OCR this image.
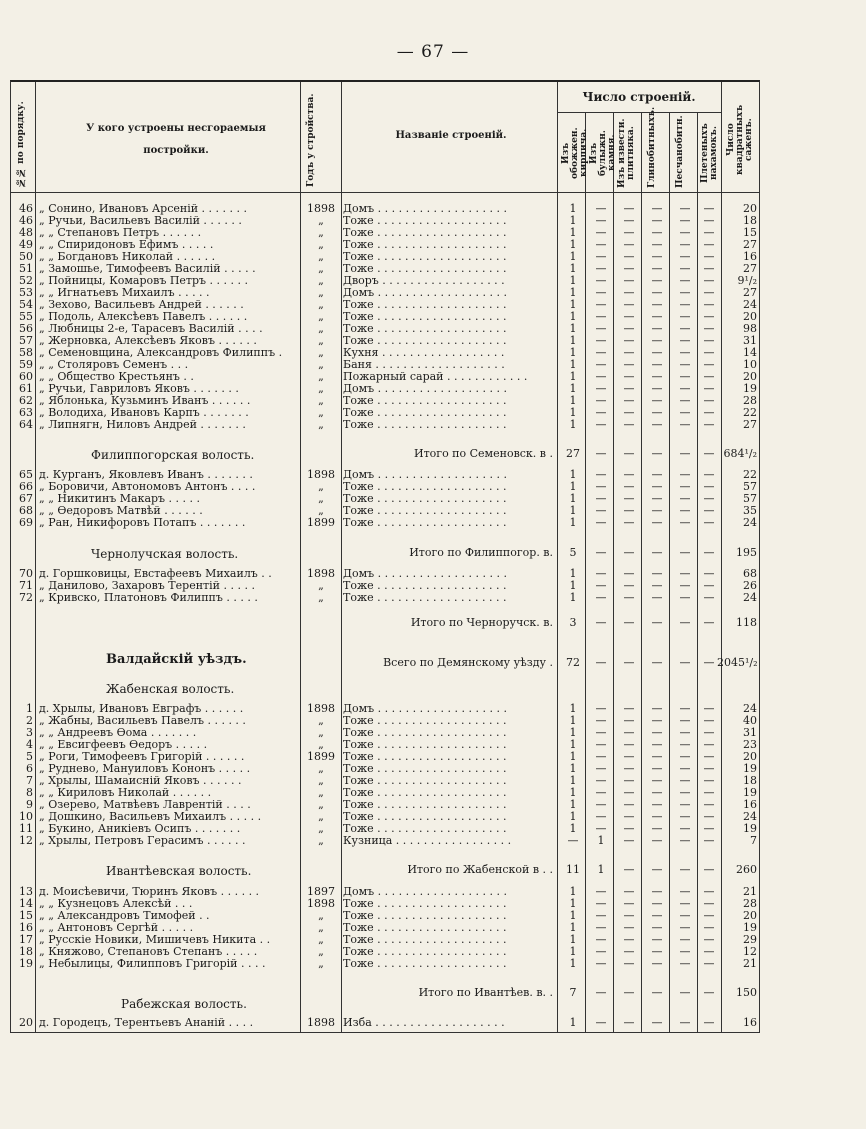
— 67 —
№№ по порядку.	У кого устроены несгораемыя постройки.	Годъ у стройства.	Названіе строеній.
Число строеній.
Изъ обожжен. кирпича. Изъ булыжн. камня. Изъ извести. плитняка. Глинобитныхъ. Песчанобитн. Плетеныхъ нахамокъ. Число квадратныхъ саженъ.
46 „ Сонино, Ивановъ Арсеній . . . . . . .	1898 Домъ . . . . . . . . . . . . . . . . . . .	1	—	—	—	—	—	20
46 „ Ручьи, Васильевъ Василій . . . . . .	„	Тоже . . . . . . . . . . . . . . . . . . .	1	—	—	—	—	—	18
48 „ „ Степановъ Петръ . . . . . .	„	Тоже . . . . . . . . . . . . . . . . . . .	1	—	—	—	—	—	15
49 „ „ Спиридоновъ Ефимъ . . . . .	„	Тоже . . . . . . . . . . . . . . . . . . .	1	—	—	—	—	—	27
50 „ „ Богдановъ Николай . . . . . .	„	Тоже . . . . . . . . . . . . . . . . . . .	1	—	—	—	—	—	16
51 „ Замошье, Тимофеевъ Василій . . . . .	„	Тоже . . . . . . . . . . . . . . . . . . .	1	—	—	—	—	—	27
52 „ Пойницы, Комаровъ Петръ . . . . . .	„	Дворъ . . . . . . . . . . . . . . . . . .	1	—	—	—	—	—	9¹/₂
53 „ „ Игнатьевъ Михаилъ . . . . .	„	Домъ . . . . . . . . . . . . . . . . . . .	1	—	—	—	—	—	27
54 „ Зехово, Васильевъ Андрей . . . . . .	„	Тоже . . . . . . . . . . . . . . . . . . .	1	—	—	—	—	—	24
55 „ Подоль, Алексѣевъ Павелъ . . . . . .	„	Тоже . . . . . . . . . . . . . . . . . . .	1	—	—	—	—	—	20
56 „ Любницы 2-е, Тарасевъ Василій . . . .	„	Тоже . . . . . . . . . . . . . . . . . . .	1	—	—	—	—	—	98
57 „ Жерновка, Алексѣевъ Яковъ . . . . . .	„	Тоже . . . . . . . . . . . . . . . . . . .	1	—	—	—	—	—	31
58 „ Семеновщина, Александровъ Филиппъ .	„	Кухня . . . . . . . . . . . . . . . . . .	1	—	—	—	—	—	14
59 „ „ Столяровъ Семенъ . . .	„	Баня . . . . . . . . . . . . . . . . . . .	1	—	—	—	—	—	10
60 „ „ Общество Крестьянъ . .	„	Пожарный сарай . . . . . . . . . . . .	1	—	—	—	—	—	20
61 „ Ручьи, Гавриловъ Яковъ . . . . . . .	„	Домъ . . . . . . . . . . . . . . . . . . .	1	—	—	—	—	—	19
62 „ Яблонька, Кузьминъ Иванъ . . . . . .	„	Тоже . . . . . . . . . . . . . . . . . . .	1	—	—	—	—	—	28
63 „ Володиха, Ивановъ Карпъ . . . . . . .	„	Тоже . . . . . . . . . . . . . . . . . . .	1	—	—	—	—	—	22
64 „ Липнягн, Ниловъ Андрей . . . . . . .	„	Тоже . . . . . . . . . . . . . . . . . . .	1	—	—	—	—	—	27
Итого по Семеновск. в .	27	—	—	—	—	— 684¹/₂
65 д. Курганъ, Яковлевъ Иванъ . . . . . . .	1898 Домъ . . . . . . . . . . . . . . . . . . .	1	—	—	—	—	—	22
66 „ Боровичи, Автономовъ Антонъ . . . .	„	Тоже . . . . . . . . . . . . . . . . . . .	1	—	—	—	—	—	57
67 „ „ Никитинъ Макаръ . . . . .	„	Тоже . . . . . . . . . . . . . . . . . . .	1	—	—	—	—	—	57
68 „ „ Ѳедоровъ Матвѣй . . . . . .	„	Тоже . . . . . . . . . . . . . . . . . . .	1	—	—	—	—	—	35
69 „ Ран, Никифоровъ Потапъ . . . . . . .	1899 Тоже . . . . . . . . . . . . . . . . . . .	1	—	—	—	—	—	24
Итого по Филиппогор. в.	5	—	—	—	—	—	195
70 д. Горшковицы, Евстафеевъ Михаилъ . .	1898 Домъ . . . . . . . . . . . . . . . . . . .	1	—	—	—	—	—	68
71 „ Данилово, Захаровъ Терентій . . . . .	„	Тоже . . . . . . . . . . . . . . . . . . .	1	—	—	—	—	—	26
72 „ Кривско, Платоновъ Филиппъ . . . . .	„	Тоже . . . . . . . . . . . . . . . . . . .	1	—	—	—	—	—	24
Итого по Черноручск. в.	3	—	—	—	—	—	118
Всего по Демянскому уѣзду .	72	—	—	—	—	— 2045¹/₂
1 д. Хрылы, Ивановъ Евграфъ . . . . . .	1898 Домъ . . . . . . . . . . . . . . . . . . .	1	—	—	—	—	—	24
2 „ Жабны, Васильевъ Павелъ . . . . . .	„	Тоже . . . . . . . . . . . . . . . . . . .	1	—	—	—	—	—	40
3 „ „ Андреевъ Ѳома . . . . . . .	„	Тоже . . . . . . . . . . . . . . . . . . .	1	—	—	—	—	—	31
4 „ „ Евсигфеевъ Ѳедоръ . . . . .	„	Тоже . . . . . . . . . . . . . . . . . . .	1	—	—	—	—	—	23
5 „ Роги, Тимофеевъ Григорій . . . . . .	1899 Тоже . . . . . . . . . . . . . . . . . . .	1	—	—	—	—	—	20
6 „ Руднево, Мануиловъ Кононъ . . . . .	„	Тоже . . . . . . . . . . . . . . . . . . .	1	—	—	—	—	—	19
7 „ Хрылы, Шамаисній Яковъ . . . . . .	„	Тоже . . . . . . . . . . . . . . . . . . .	1	—	—	—	—	—	18
8 „ „ Кириловъ Николай . . . . . .	„	Тоже . . . . . . . . . . . . . . . . . . .	1	—	—	—	—	—	19
9 „ Озерево, Матвѣевъ Лаврентій . . . .	„	Тоже . . . . . . . . . . . . . . . . . . .	1	—	—	—	—	—	16
10 „ Дошкино, Васильевъ Михаилъ . . . . .	„	Тоже . . . . . . . . . . . . . . . . . . .	1	—	—	—	—	—	24
11 „ Букино, Аникіевъ Осипъ . . . . . . .	„	Тоже . . . . . . . . . . . . . . . . . . .	1	—	—	—	—	—	19
12 „ Хрылы, Петровъ Герасимъ . . . . . .	„	Кузница . . . . . . . . . . . . . . . . .	—	1	—	—	—	—	7
Итого по Жабенской в . .	11	1	—	—	—	—	260
13 д. Моисѣевичи, Тюринъ Яковъ . . . . . .	1897 Домъ . . . . . . . . . . . . . . . . . . .	1	—	—	—	—	—	21
14 „ „ Кузнецовъ Алексѣй . . .	1898 Тоже . . . . . . . . . . . . . . . . . . .	1	—	—	—	—	—	28
15 „ „ Александровъ Тимофей . .	„	Тоже . . . . . . . . . . . . . . . . . . .	1	—	—	—	—	—	20
16 „ „ Антоновъ Сергѣй . . . . .	„	Тоже . . . . . . . . . . . . . . . . . . .	1	—	—	—	—	—	19
17 „ Русскіе Новики, Мишичевъ Никита . .	„	Тоже . . . . . . . . . . . . . . . . . . .	1	—	—	—	—	—	29
18 „ Княжово, Степановъ Степанъ . . . . .	„	Тоже . . . . . . . . . . . . . . . . . . .	1	—	—	—	—	—	12
19 „ Небылицы, Филипповъ Григорій . . . .	„	Тоже . . . . . . . . . . . . . . . . . . .	1	—	—	—	—	—	21
Итого по Ивантѣев. в. .	7	—	—	—	—	—	150
20 д. Городецъ, Терентьевъ Ананій . . . .	1898 Изба . . . . . . . . . . . . . . . . . . .	1	—	—	—	—	—	16
Филиппогорская волость.
Чернолучская волость.
Валдайскій уѣздъ.
Жабенская волость.
Ивантѣевская волость.
Рабежская волость.
